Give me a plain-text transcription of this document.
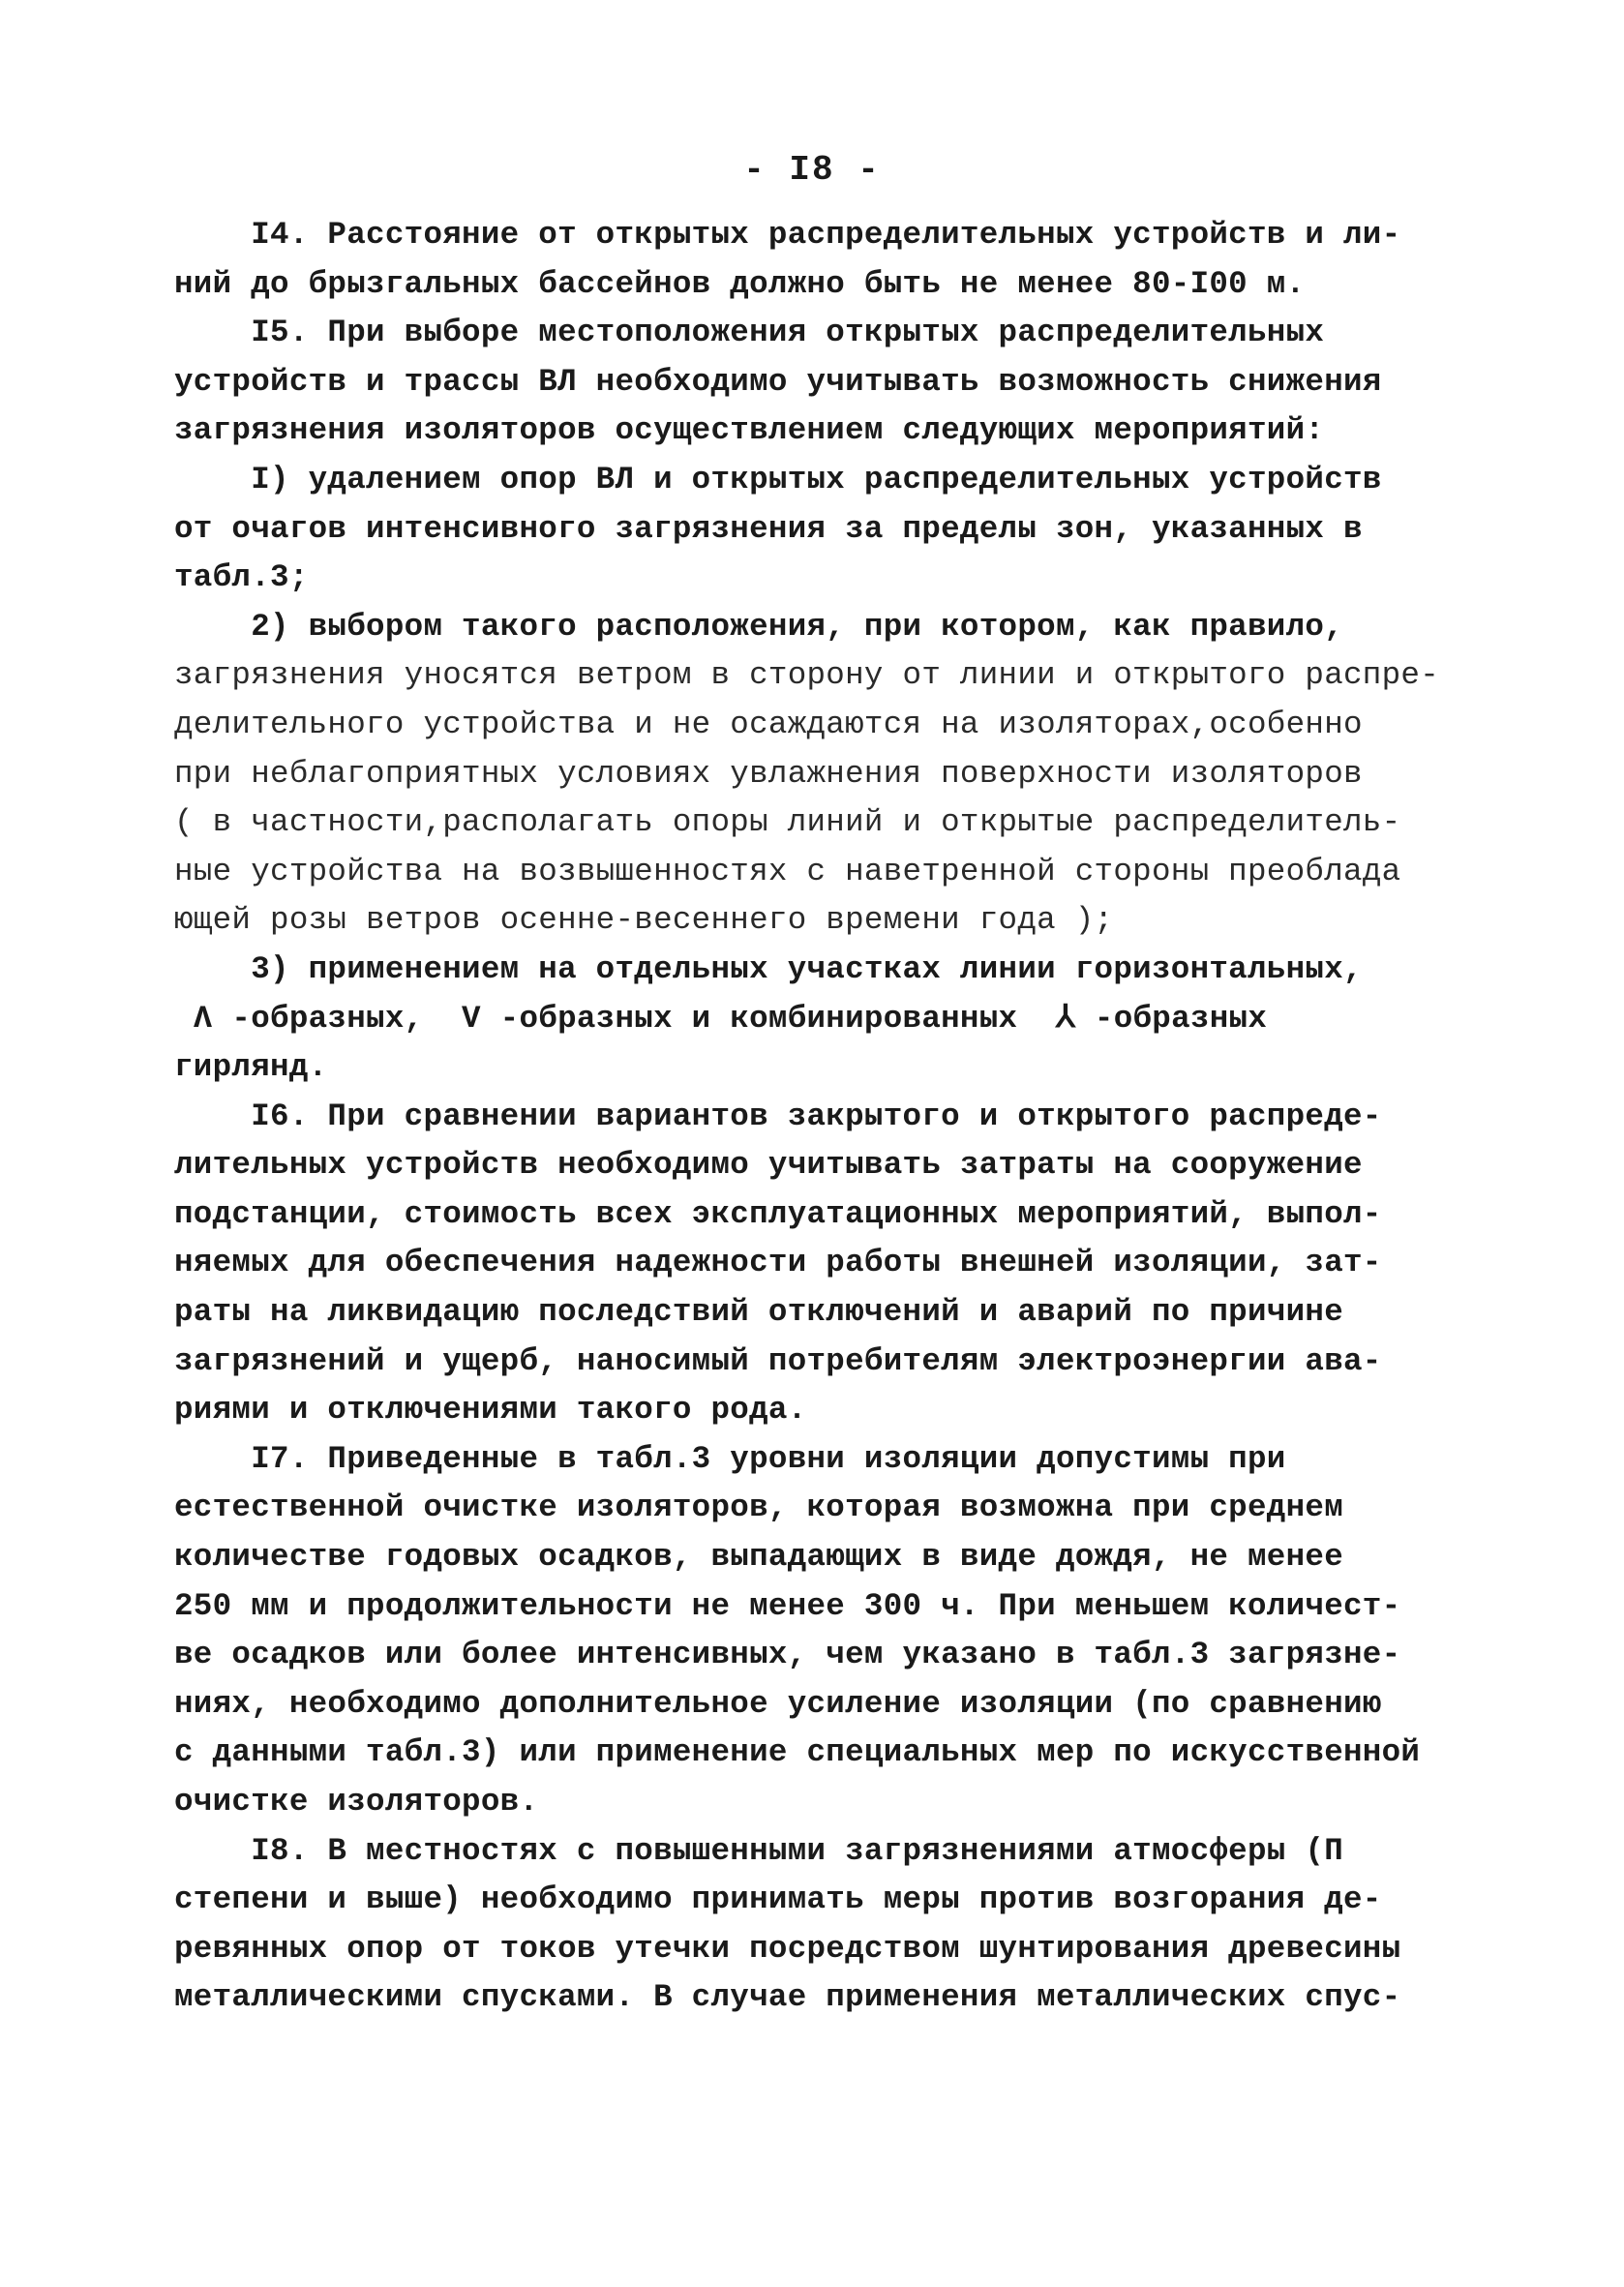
- I8 -
I4. Расстояние от открытых распределительных устройств и ли-
ний до брызгальных бассейнов должно быть не менее 80-I00 м.
I5. При выборе местоположения открытых распределительных
устройств и трассы ВЛ необходимо учитывать возможность снижения
загрязнения изоляторов осуществлением следующих мероприятий:
I) удалением опор ВЛ и открытых распределительных устройств
от очагов интенсивного загрязнения за пределы зон, указанных в
табл.3;
2) выбором такого расположения, при котором, как правило,
загрязнения уносятся ветром в сторону от линии и открытого распре-
делительного устройства и не осаждаются на изоляторах,особенно
при неблагоприятных условиях увлажнения поверхности изоляторов
( в частности,располагать опоры линий и открытые распределитель-
ные устройства на возвышенностях с наветренной стороны преоблада
ющей розы ветров осенне-весеннего времени года );
3) применением на отдельных участках линии горизонтальных,
Λ -образных,  V -образных и комбинированных  ⅄ -образных
гирлянд.
I6. При сравнении вариантов закрытого и открытого распреде-
лительных устройств необходимо учитывать затраты на сооружение
подстанции, стоимость всех эксплуатационных мероприятий, выпол-
няемых для обеспечения надежности работы внешней изоляции, зат-
раты на ликвидацию последствий отключений и аварий по причине
загрязнений и ущерб, наносимый потребителям электроэнергии ава-
риями и отключениями такого рода.
I7. Приведенные в табл.3 уровни изоляции допустимы при
естественной очистке изоляторов, которая возможна при среднем
количестве годовых осадков, выпадающих в виде дождя, не менее
250 мм и продолжительности не менее 300 ч. При меньшем количест-
ве осадков или более интенсивных, чем указано в табл.3 загрязне-
ниях, необходимо дополнительное усиление изоляции (по сравнению
с данными табл.3) или применение специальных мер по искусственной
очистке изоляторов.
I8. В местностях с повышенными загрязнениями атмосферы (П
степени и выше) необходимо принимать меры против возгорания де-
ревянных опор от токов утечки посредством шунтирования древесины
металлическими спусками. В случае применения металлических спус-
